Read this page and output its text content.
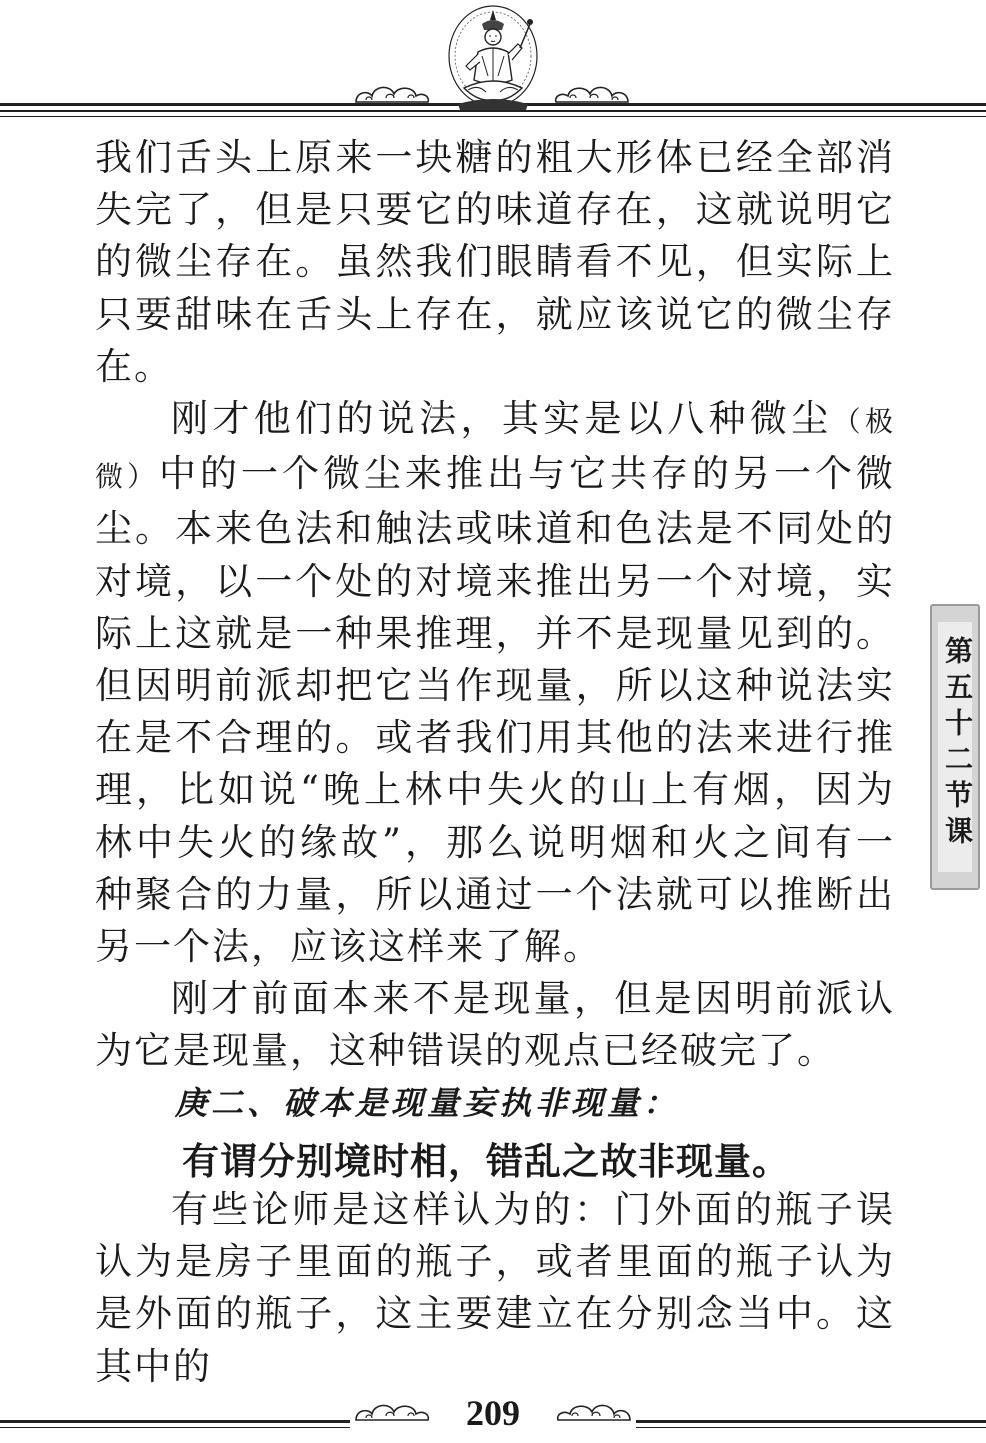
我们舌头上原来一块糖的粗大形体已经全部消失完了，但是只要它的味道存在，这就说明它的微尘存在。虽然我们眼睛看不见，但实际上只要甜味在舌头上存在，就应该说它的微尘存在。

刚才他们的说法，其实是以八种微尘（极微）中的一个微尘来推出与它共存的另一个微尘。本来色法和触法或味道和色法是不同处的对境，以一个处的对境来推出另一个对境，实际上这就是一种果推理，并不是现量见到的。但因明前派却把它当作现量，所以这种说法实在是不合理的。或者我们用其他的法来进行推理，比如说“晚上林中失火的山上有烟，因为林中失火的缘故”，那么说明烟和火之间有一种聚合的力量，所以通过一个法就可以推断出另一个法，应该这样来了解。

刚才前面本来不是现量，但是因明前派认为它是现量，这种错误的观点已经破完了。

庚二、破本是现量妄执非现量：
有谓分别境时相，错乱之故非现量。

有些论师是这样认为的：门外面的瓶子误认为是房子里面的瓶子，或者里面的瓶子认为是外面的瓶子，这主要建立在分别念当中。这其中的

第五十二节课
209
